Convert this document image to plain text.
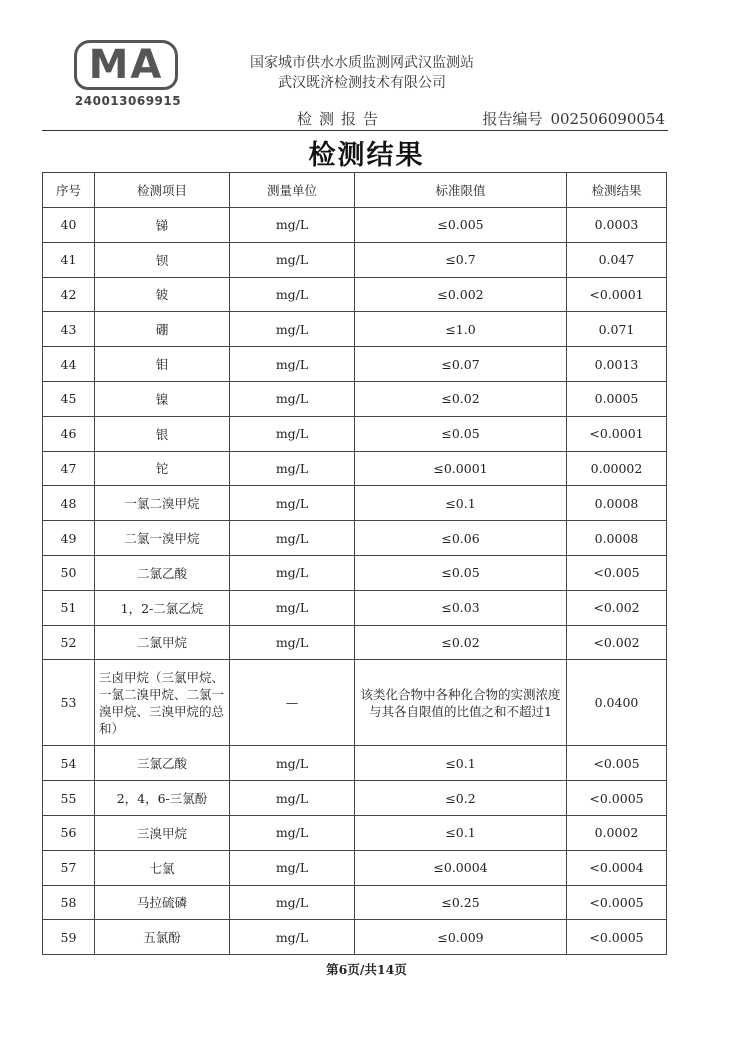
MA
240013069915
国家城市供水水质监测网武汉监测站
武汉既济检测技术有限公司
检测报告	报告编号 002506090054
检测结果
序号	检测项目	测量单位	标准限值	检测结果
40	锑	mg/L	≤0.005	0.0003
41	钡	mg/L	≤0.7	0.047
42	铍	mg/L	≤0.002	<0.0001
43	硼	mg/L	≤1.0	0.071
44	钼	mg/L	≤0.07	0.0013
45	镍	mg/L	≤0.02	0.0005
46	银	mg/L	≤0.05	<0.0001
47	铊	mg/L	≤0.0001	0.00002
48	一氯二溴甲烷	mg/L	≤0.1	0.0008
49	二氯一溴甲烷	mg/L	≤0.06	0.0008
50	二氯乙酸	mg/L	≤0.05	<0.005
51	1，2-二氯乙烷	mg/L	≤0.03	<0.002
52	二氯甲烷	mg/L	≤0.02	<0.002
53	三卤甲烷（三氯甲烷、一氯二溴甲烷、二氯一溴甲烷、三溴甲烷的总和）	—	该类化合物中各种化合物的实测浓度与其各自限值的比值之和不超过1	0.0400
54	三氯乙酸	mg/L	≤0.1	<0.005
55	2，4，6-三氯酚	mg/L	≤0.2	<0.0005
56	三溴甲烷	mg/L	≤0.1	0.0002
57	七氯	mg/L	≤0.0004	<0.0004
58	马拉硫磷	mg/L	≤0.25	<0.0005
59	五氯酚	mg/L	≤0.009	<0.0005
第6页/共14页
